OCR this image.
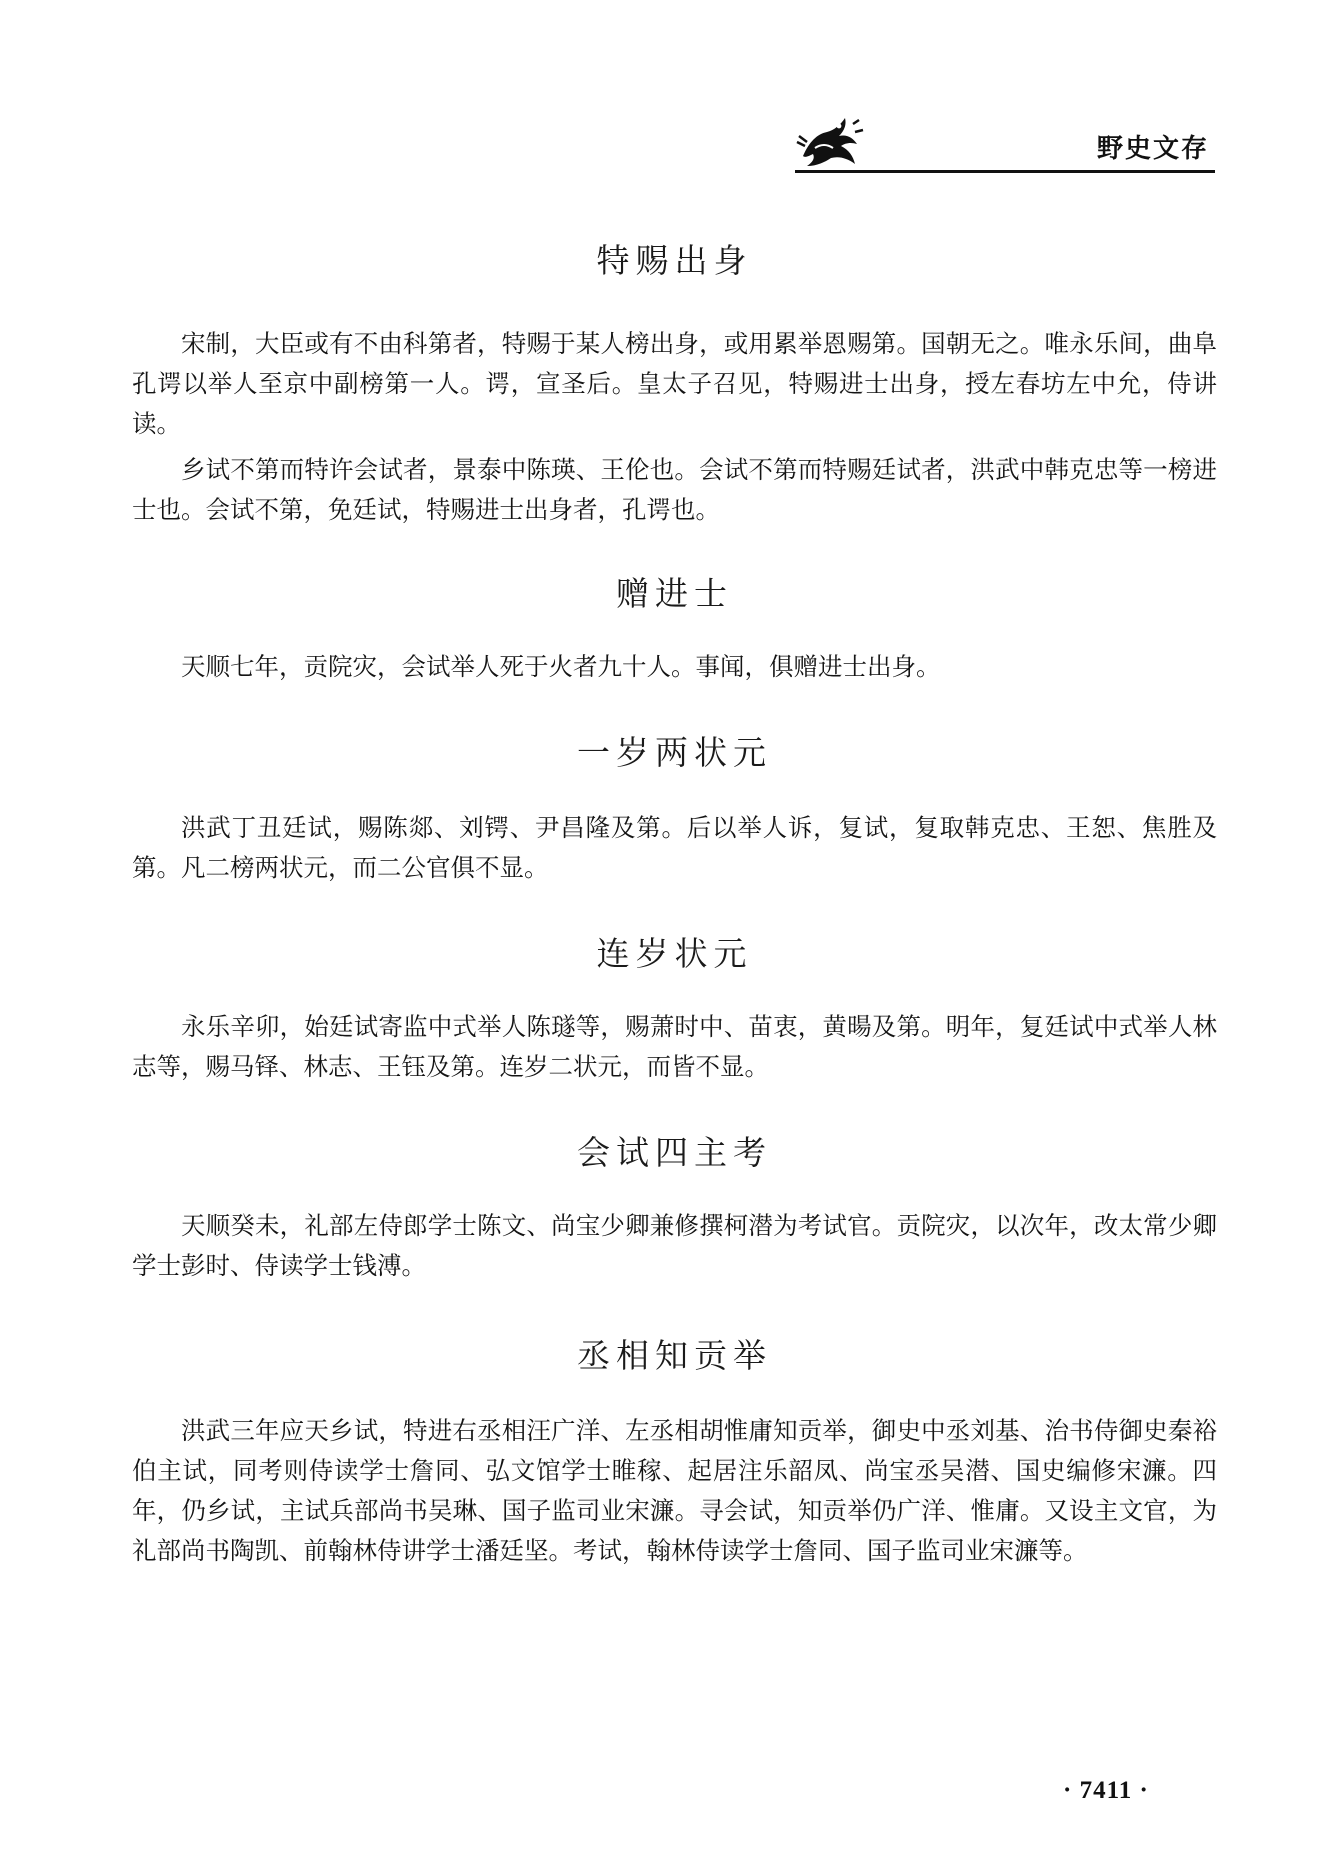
野史文存
特赐出身

宋制，大臣或有不由科第者，特赐于某人榜出身，或用累举恩赐第。国朝无之。唯永乐间，曲阜孔谔以举人至京中副榜第一人。谔，宣圣后。皇太子召见，特赐进士出身，授左春坊左中允，侍讲读。

乡试不第而特许会试者，景泰中陈瑛、王伦也。会试不第而特赐廷试者，洪武中韩克忠等一榜进士也。会试不第，免廷试，特赐进士出身者，孔谔也。

赠进士

天顺七年，贡院灾，会试举人死于火者九十人。事闻，俱赠进士出身。

一岁两状元

洪武丁丑廷试，赐陈郯、刘锷、尹昌隆及第。后以举人诉，复试，复取韩克忠、王恕、焦胜及第。凡二榜两状元，而二公官俱不显。

连岁状元

永乐辛卯，始廷试寄监中式举人陈璲等，赐萧时中、苗衷，黄暘及第。明年，复廷试中式举人林志等，赐马铎、林志、王钰及第。连岁二状元，而皆不显。

会试四主考

天顺癸未，礼部左侍郎学士陈文、尚宝少卿兼修撰柯潜为考试官。贡院灾，以次年，改太常少卿学士彭时、侍读学士钱溥。

丞相知贡举

洪武三年应天乡试，特进右丞相汪广洋、左丞相胡惟庸知贡举，御史中丞刘基、治书侍御史秦裕伯主试，同考则侍读学士詹同、弘文馆学士睢稼、起居注乐韶凤、尚宝丞吴潜、国史编修宋濂。四年，仍乡试，主试兵部尚书吴琳、国子监司业宋濂。寻会试，知贡举仍广洋、惟庸。又设主文官，为礼部尚书陶凯、前翰林侍讲学士潘廷坚。考试，翰林侍读学士詹同、国子监司业宋濂等。

· 7411 ·
